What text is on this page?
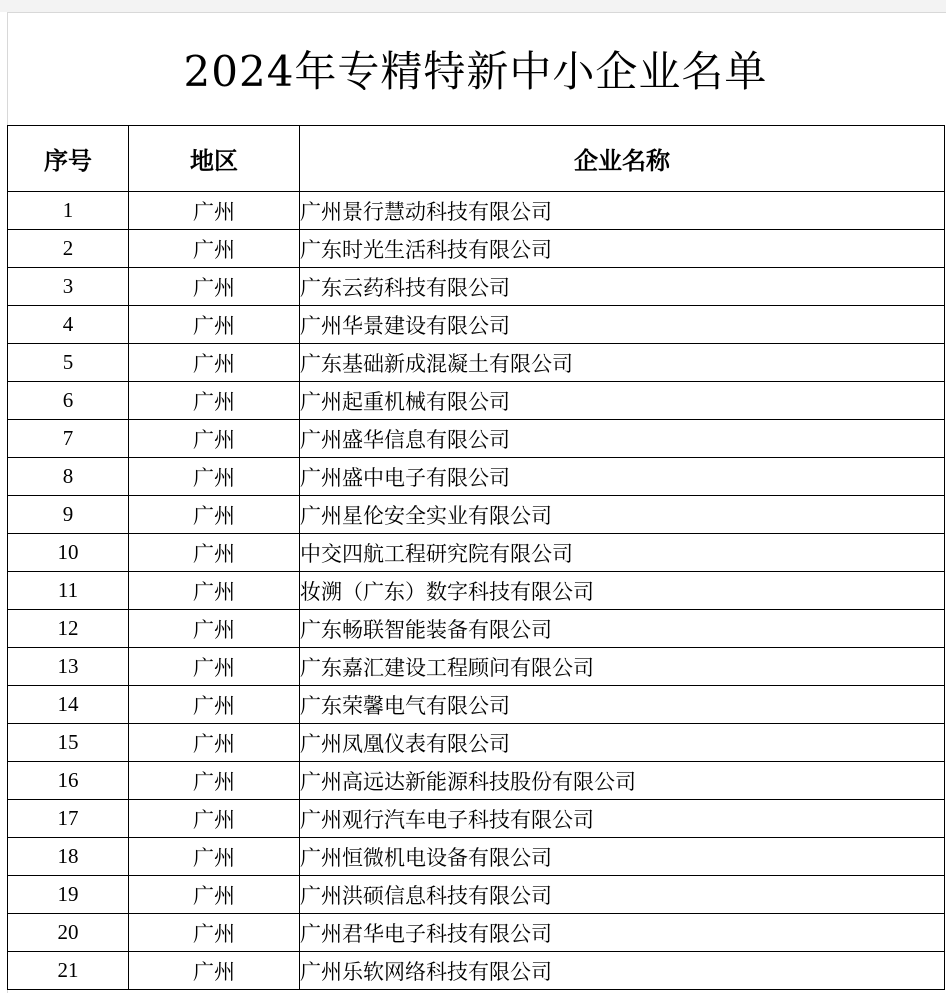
2024年专精特新中小企业名单
序号	地区	企业名称
1	广州	广州景行慧动科技有限公司
2	广州	广东时光生活科技有限公司
3	广州	广东云药科技有限公司
4	广州	广州华景建设有限公司
5	广州	广东基础新成混凝土有限公司
6	广州	广州起重机械有限公司
7	广州	广州盛华信息有限公司
8	广州	广州盛中电子有限公司
9	广州	广州星伦安全实业有限公司
10	广州	中交四航工程研究院有限公司
11	广州	妆溯（广东）数字科技有限公司
12	广州	广东畅联智能装备有限公司
13	广州	广东嘉汇建设工程顾问有限公司
14	广州	广东荣馨电气有限公司
15	广州	广州凤凰仪表有限公司
16	广州	广州高远达新能源科技股份有限公司
17	广州	广州观行汽车电子科技有限公司
18	广州	广州恒微机电设备有限公司
19	广州	广州洪硕信息科技有限公司
20	广州	广州君华电子科技有限公司
21	广州	广州乐软网络科技有限公司
